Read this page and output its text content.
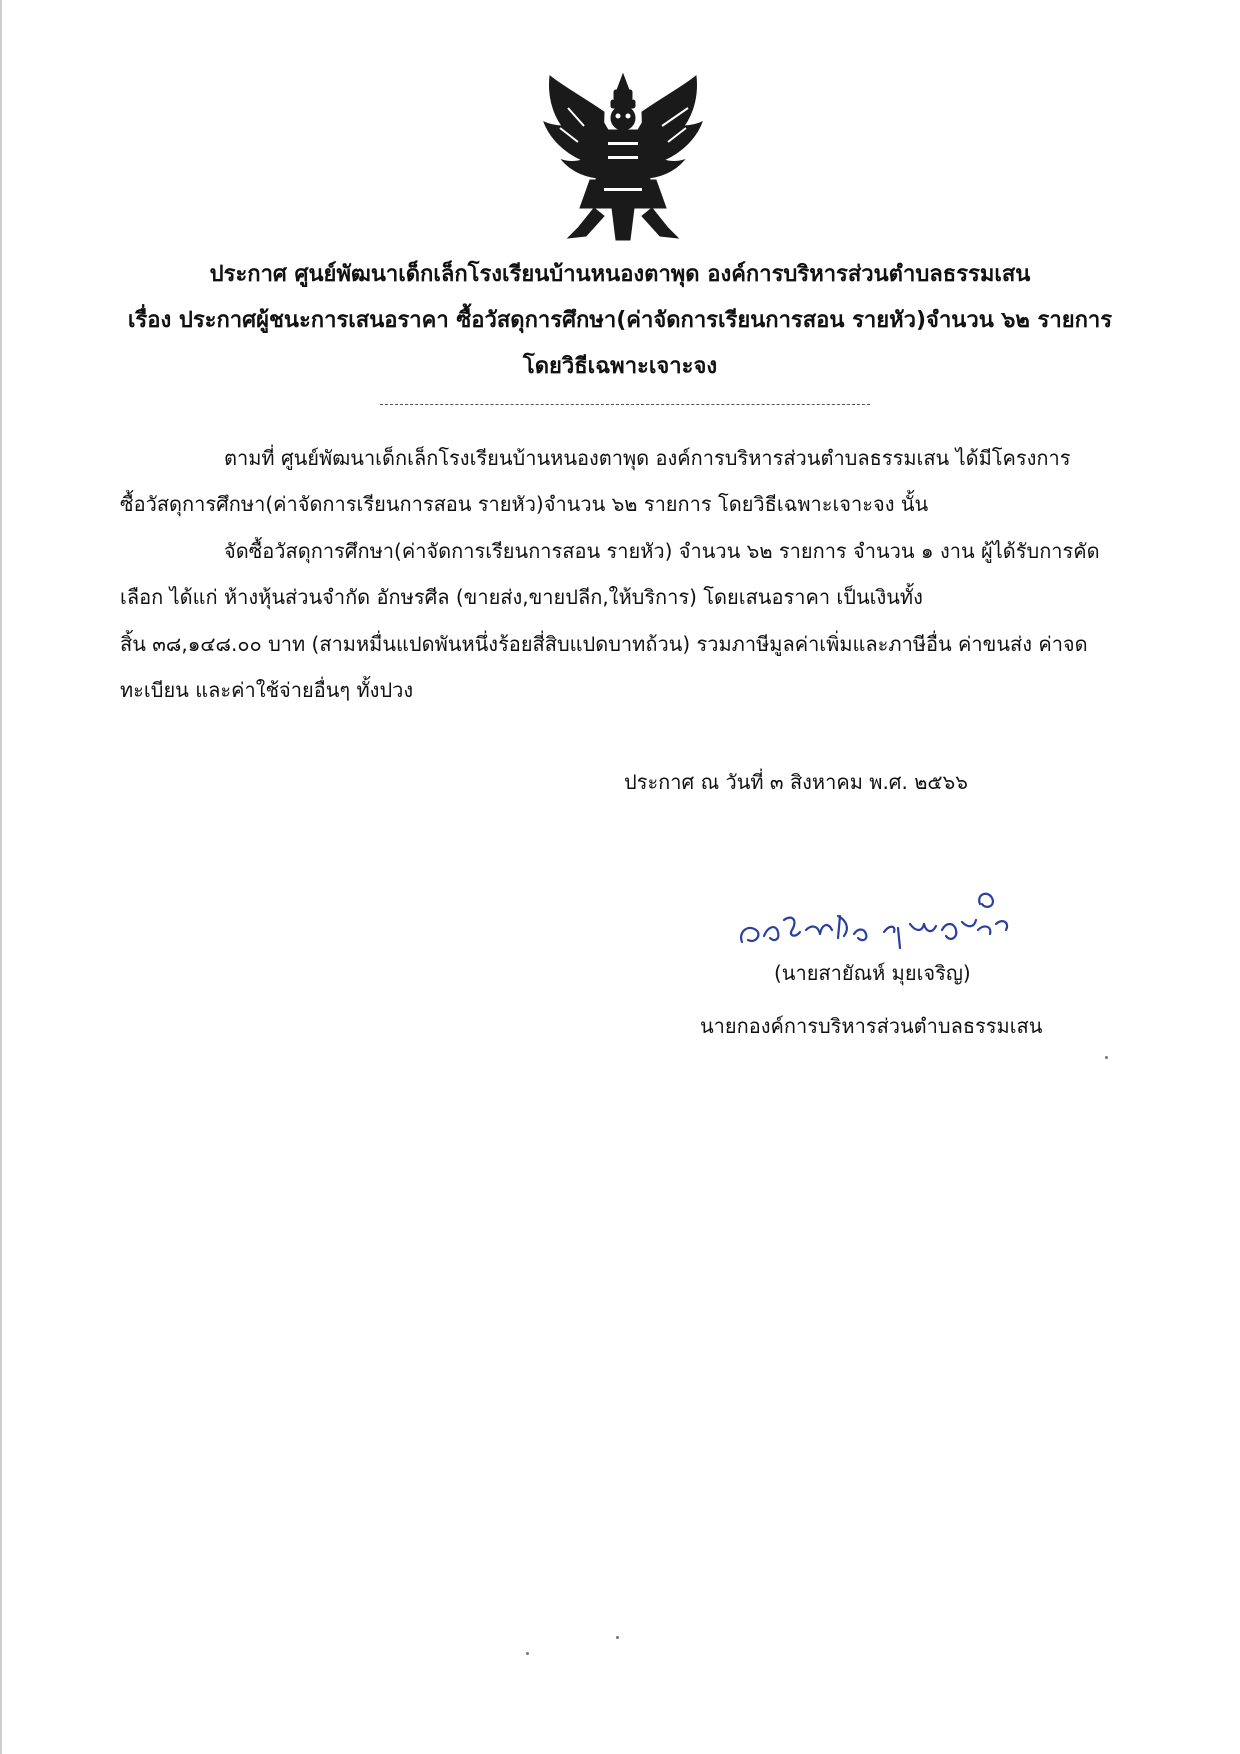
ประกาศ ศูนย์พัฒนาเด็กเล็กโรงเรียนบ้านหนองตาพุด องค์การบริหารส่วนตำบลธรรมเสน
เรื่อง ประกาศผู้ชนะการเสนอราคา ซื้อวัสดุการศึกษา(ค่าจัดการเรียนการสอน รายหัว)จำนวน ๖๒ รายการ
โดยวิธีเฉพาะเจาะจง
ตามที่ ศูนย์พัฒนาเด็กเล็กโรงเรียนบ้านหนองตาพุด องค์การบริหารส่วนตำบลธรรมเสน ได้มีโครงการ
ซื้อวัสดุการศึกษา(ค่าจัดการเรียนการสอน รายหัว)จำนวน ๖๒ รายการ โดยวิธีเฉพาะเจาะจง นั้น
จัดซื้อวัสดุการศึกษา(ค่าจัดการเรียนการสอน รายหัว) จำนวน ๖๒ รายการ จำนวน ๑ งาน ผู้ได้รับการคัด
เลือก ได้แก่ ห้างหุ้นส่วนจำกัด อักษรศีล (ขายส่ง,ขายปลีก,ให้บริการ) โดยเสนอราคา เป็นเงินทั้ง
สิ้น ๓๘,๑๔๘.๐๐ บาท (สามหมื่นแปดพันหนึ่งร้อยสี่สิบแปดบาทถ้วน) รวมภาษีมูลค่าเพิ่มและภาษีอื่น ค่าขนส่ง ค่าจด
ทะเบียน และค่าใช้จ่ายอื่นๆ ทั้งปวง
ประกาศ ณ วันที่ ๓ สิงหาคม พ.ศ. ๒๕๖๖
(นายสายัณห์ มุยเจริญ)
นายกองค์การบริหารส่วนตำบลธรรมเสน
